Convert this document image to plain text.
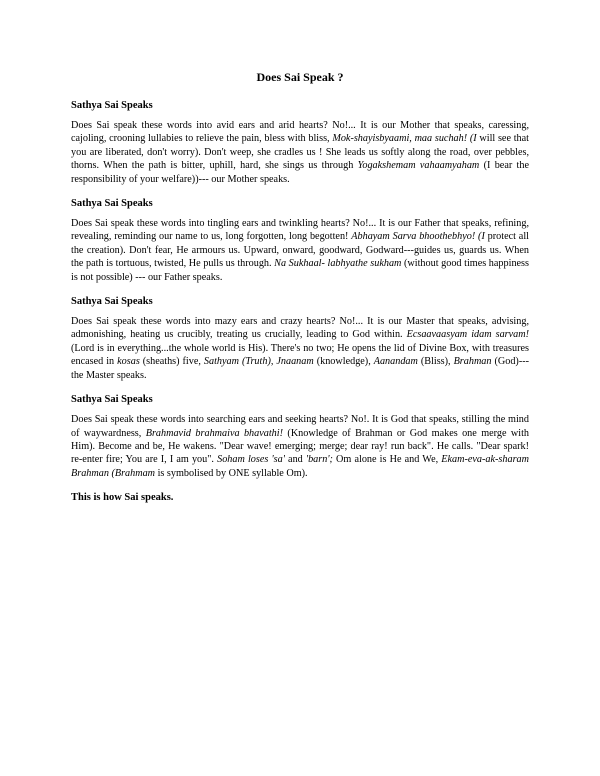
Does Sai Speak ?
Sathya Sai Speaks

Does Sai speak these words into avid ears and arid hearts? No!... It is our Mother that speaks, caressing, cajoling, crooning lullabies to relieve the pain, bless with bliss, Mok-shayisbyaami, maa suchah! (I will see that you are liberated, don't worry). Don't weep, she cradles us ! She leads us softly along the road, over pebbles, thorns. When the path is bitter, uphill, hard, she sings us through Yogakshemam vahaamyaham (I bear the responsibility of your welfare))--- our Mother speaks.

Sathya Sai Speaks

Does Sai speak these words into tingling ears and twinkling hearts? No!... It is our Father that speaks, refining, revealing, reminding our name to us, long forgotten, long begotten! Abhayam Sarva bhoothebhyo! (I protect all the creation). Don't fear, He armours us. Upward, onward, goodward, Godward---guides us, guards us. When the path is tortuous, twisted, He pulls us through. Na Sukhaal- labhyathe sukham (without good times happiness is not possible) --- our Father speaks.

Sathya Sai Speaks

Does Sai speak these words into mazy ears and crazy hearts? No!... It is our Master that speaks, advising, admonishing, heating us crucibly, treating us crucially, leading to God within. Ecsaavaasyam idam sarvam! (Lord is in everything...the whole world is His). There's no two; He opens the lid of Divine Box, with treasures encased in kosas (sheaths) five, Sathyam (Truth), Jnaanam (knowledge), Aanandam (Bliss), Brahman (God)---the Master speaks.

Sathya Sai Speaks

Does Sai speak these words into searching ears and seeking hearts? No!. It is God that speaks, stilling the mind of waywardness, Brahmavid brahmaiva bhavathi! (Knowledge of Brahman or God makes one merge with Him). Become and be, He wakens. "Dear wave! emerging; merge; dear ray! run back". He calls. "Dear spark! re-enter fire; You are I, I am you". Soham loses 'sa' and 'barn'; Om alone is He and We, Ekam-eva-ak-sharam Brahman (Brahmam is symbolised by ONE syllable Om).

This is how Sai speaks.
